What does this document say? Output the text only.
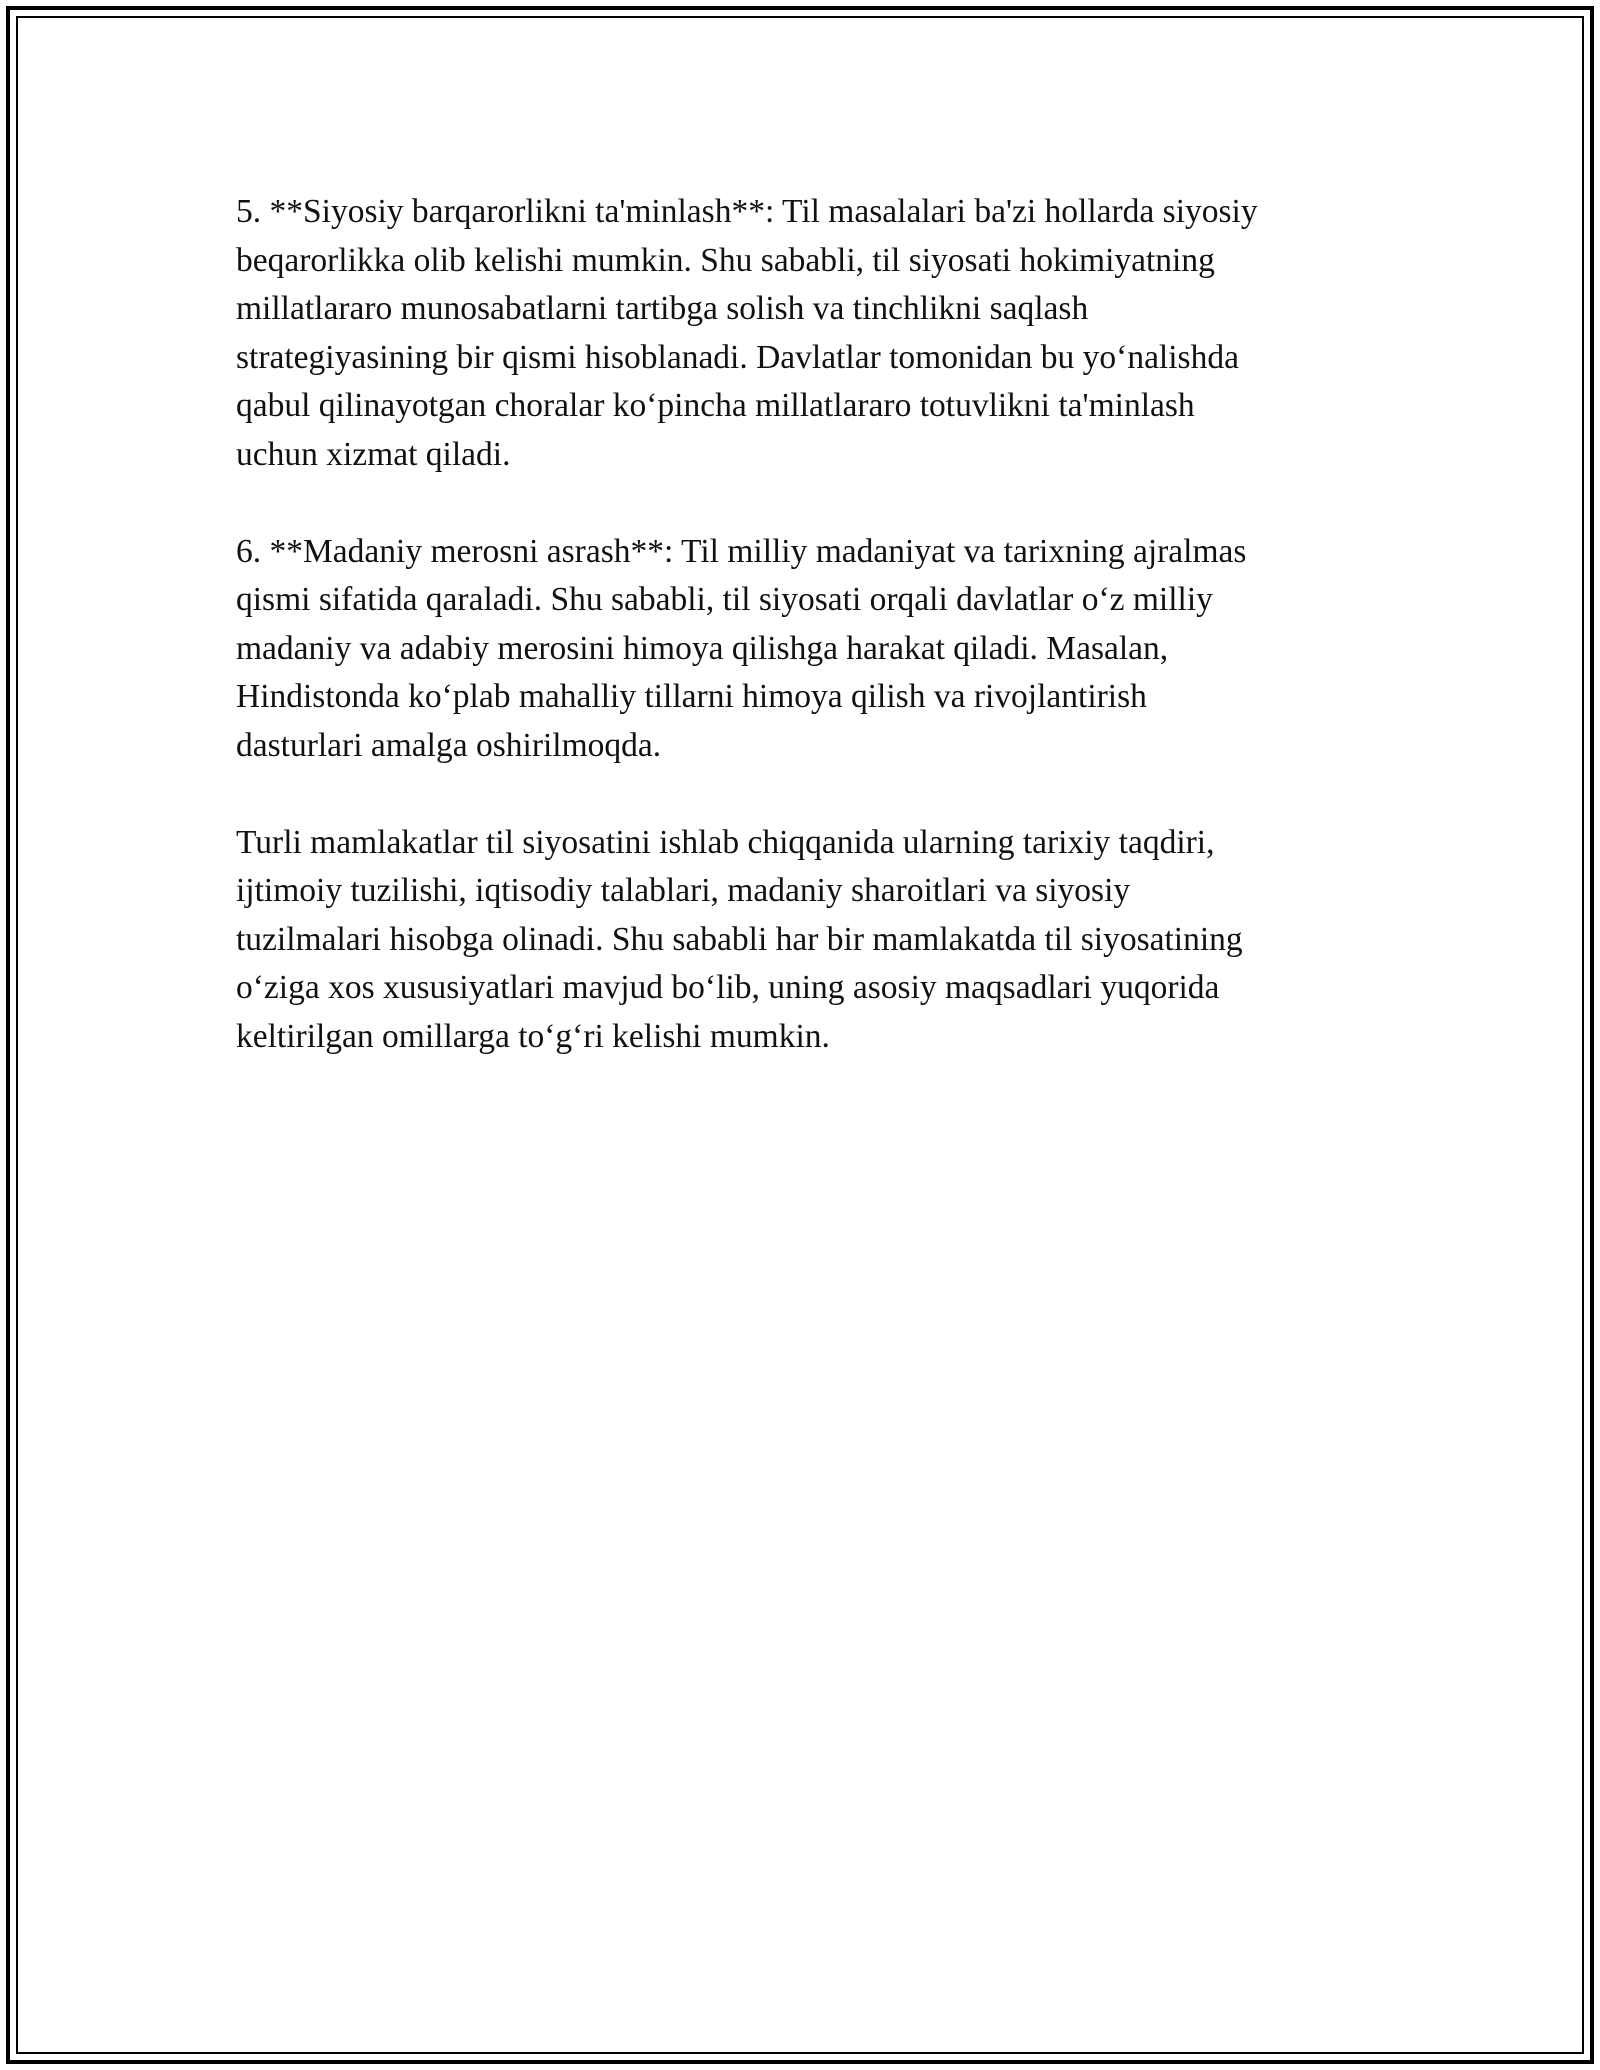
5. **Siyosiy barqarorlikni ta'minlash**: Til masalalari ba'zi hollarda siyosiy
beqarorlikka olib kelishi mumkin. Shu sababli, til siyosati hokimiyatning
millatlararo munosabatlarni tartibga solish va tinchlikni saqlash
strategiyasining bir qismi hisoblanadi. Davlatlar tomonidan bu yo‘nalishda
qabul qilinayotgan choralar ko‘pincha millatlararo totuvlikni ta'minlash
uchun xizmat qiladi.

6. **Madaniy merosni asrash**: Til milliy madaniyat va tarixning ajralmas
qismi sifatida qaraladi. Shu sababli, til siyosati orqali davlatlar o‘z milliy
madaniy va adabiy merosini himoya qilishga harakat qiladi. Masalan,
Hindistonda ko‘plab mahalliy tillarni himoya qilish va rivojlantirish
dasturlari amalga oshirilmoqda.

Turli mamlakatlar til siyosatini ishlab chiqqanida ularning tarixiy taqdiri,
ijtimoiy tuzilishi, iqtisodiy talablari, madaniy sharoitlari va siyosiy
tuzilmalari hisobga olinadi. Shu sababli har bir mamlakatda til siyosatining
o‘ziga xos xususiyatlari mavjud bo‘lib, uning asosiy maqsadlari yuqorida
keltirilgan omillarga to‘g‘ri kelishi mumkin.
